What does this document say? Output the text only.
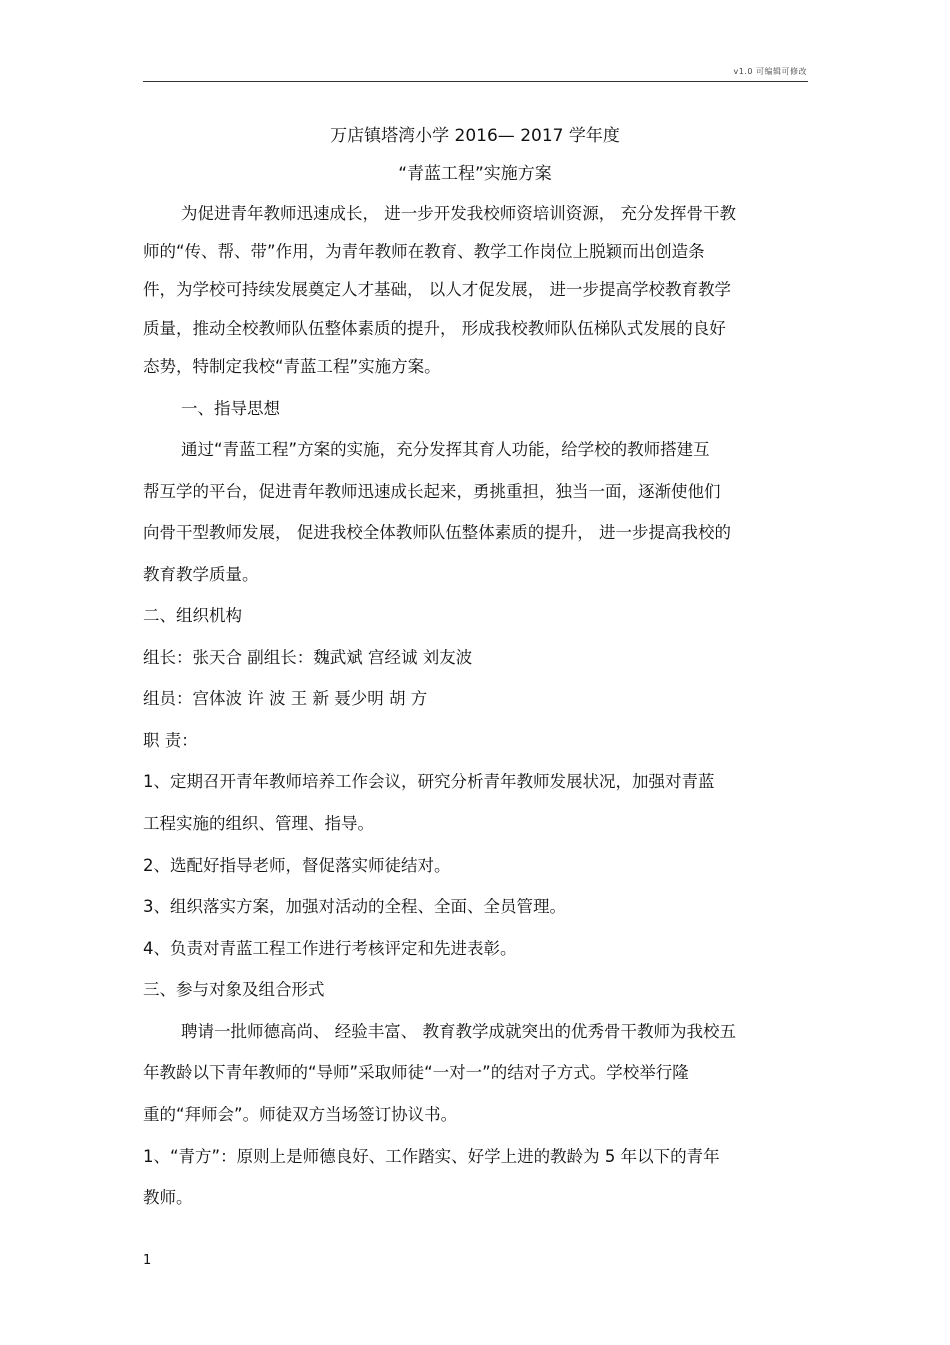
v1.0 可编辑可修改
万店镇塔湾小学 2016— 2017 学年度
“青蓝工程”实施方案
为促进青年教师迅速成长， 进一步开发我校师资培训资源， 充分发挥骨干教
师的“传、帮、带”作用，为青年教师在教育、教学工作岗位上脱颖而出创造条
件，为学校可持续发展奠定人才基础， 以人才促发展， 进一步提高学校教育教学
质量，推动全校教师队伍整体素质的提升， 形成我校教师队伍梯队式发展的良好
态势，特制定我校“青蓝工程”实施方案。
一、指导思想
通过“青蓝工程”方案的实施，充分发挥其育人功能，给学校的教师搭建互
帮互学的平台，促进青年教师迅速成长起来，勇挑重担，独当一面，逐渐使他们
向骨干型教师发展， 促进我校全体教师队伍整体素质的提升， 进一步提高我校的
教育教学质量。
二、组织机构
组长：张天合 副组长：魏武斌 宫经诚 刘友波
组员：宫体波 许 波 王 新 聂少明 胡 方
职 责：
1、定期召开青年教师培养工作会议，研究分析青年教师发展状况，加强对青蓝
工程实施的组织、管理、指导。
2、选配好指导老师，督促落实师徒结对。
3、组织落实方案，加强对活动的全程、全面、全员管理。
4、负责对青蓝工程工作进行考核评定和先进表彰。
三、参与对象及组合形式
聘请一批师德高尚、 经验丰富、 教育教学成就突出的优秀骨干教师为我校五
年教龄以下青年教师的“导师”采取师徒“一对一”的结对子方式。学校举行隆
重的“拜师会”。师徒双方当场签订协议书。
1、“青方”：原则上是师德良好、工作踏实、好学上进的教龄为 5 年以下的青年
教师。
1
